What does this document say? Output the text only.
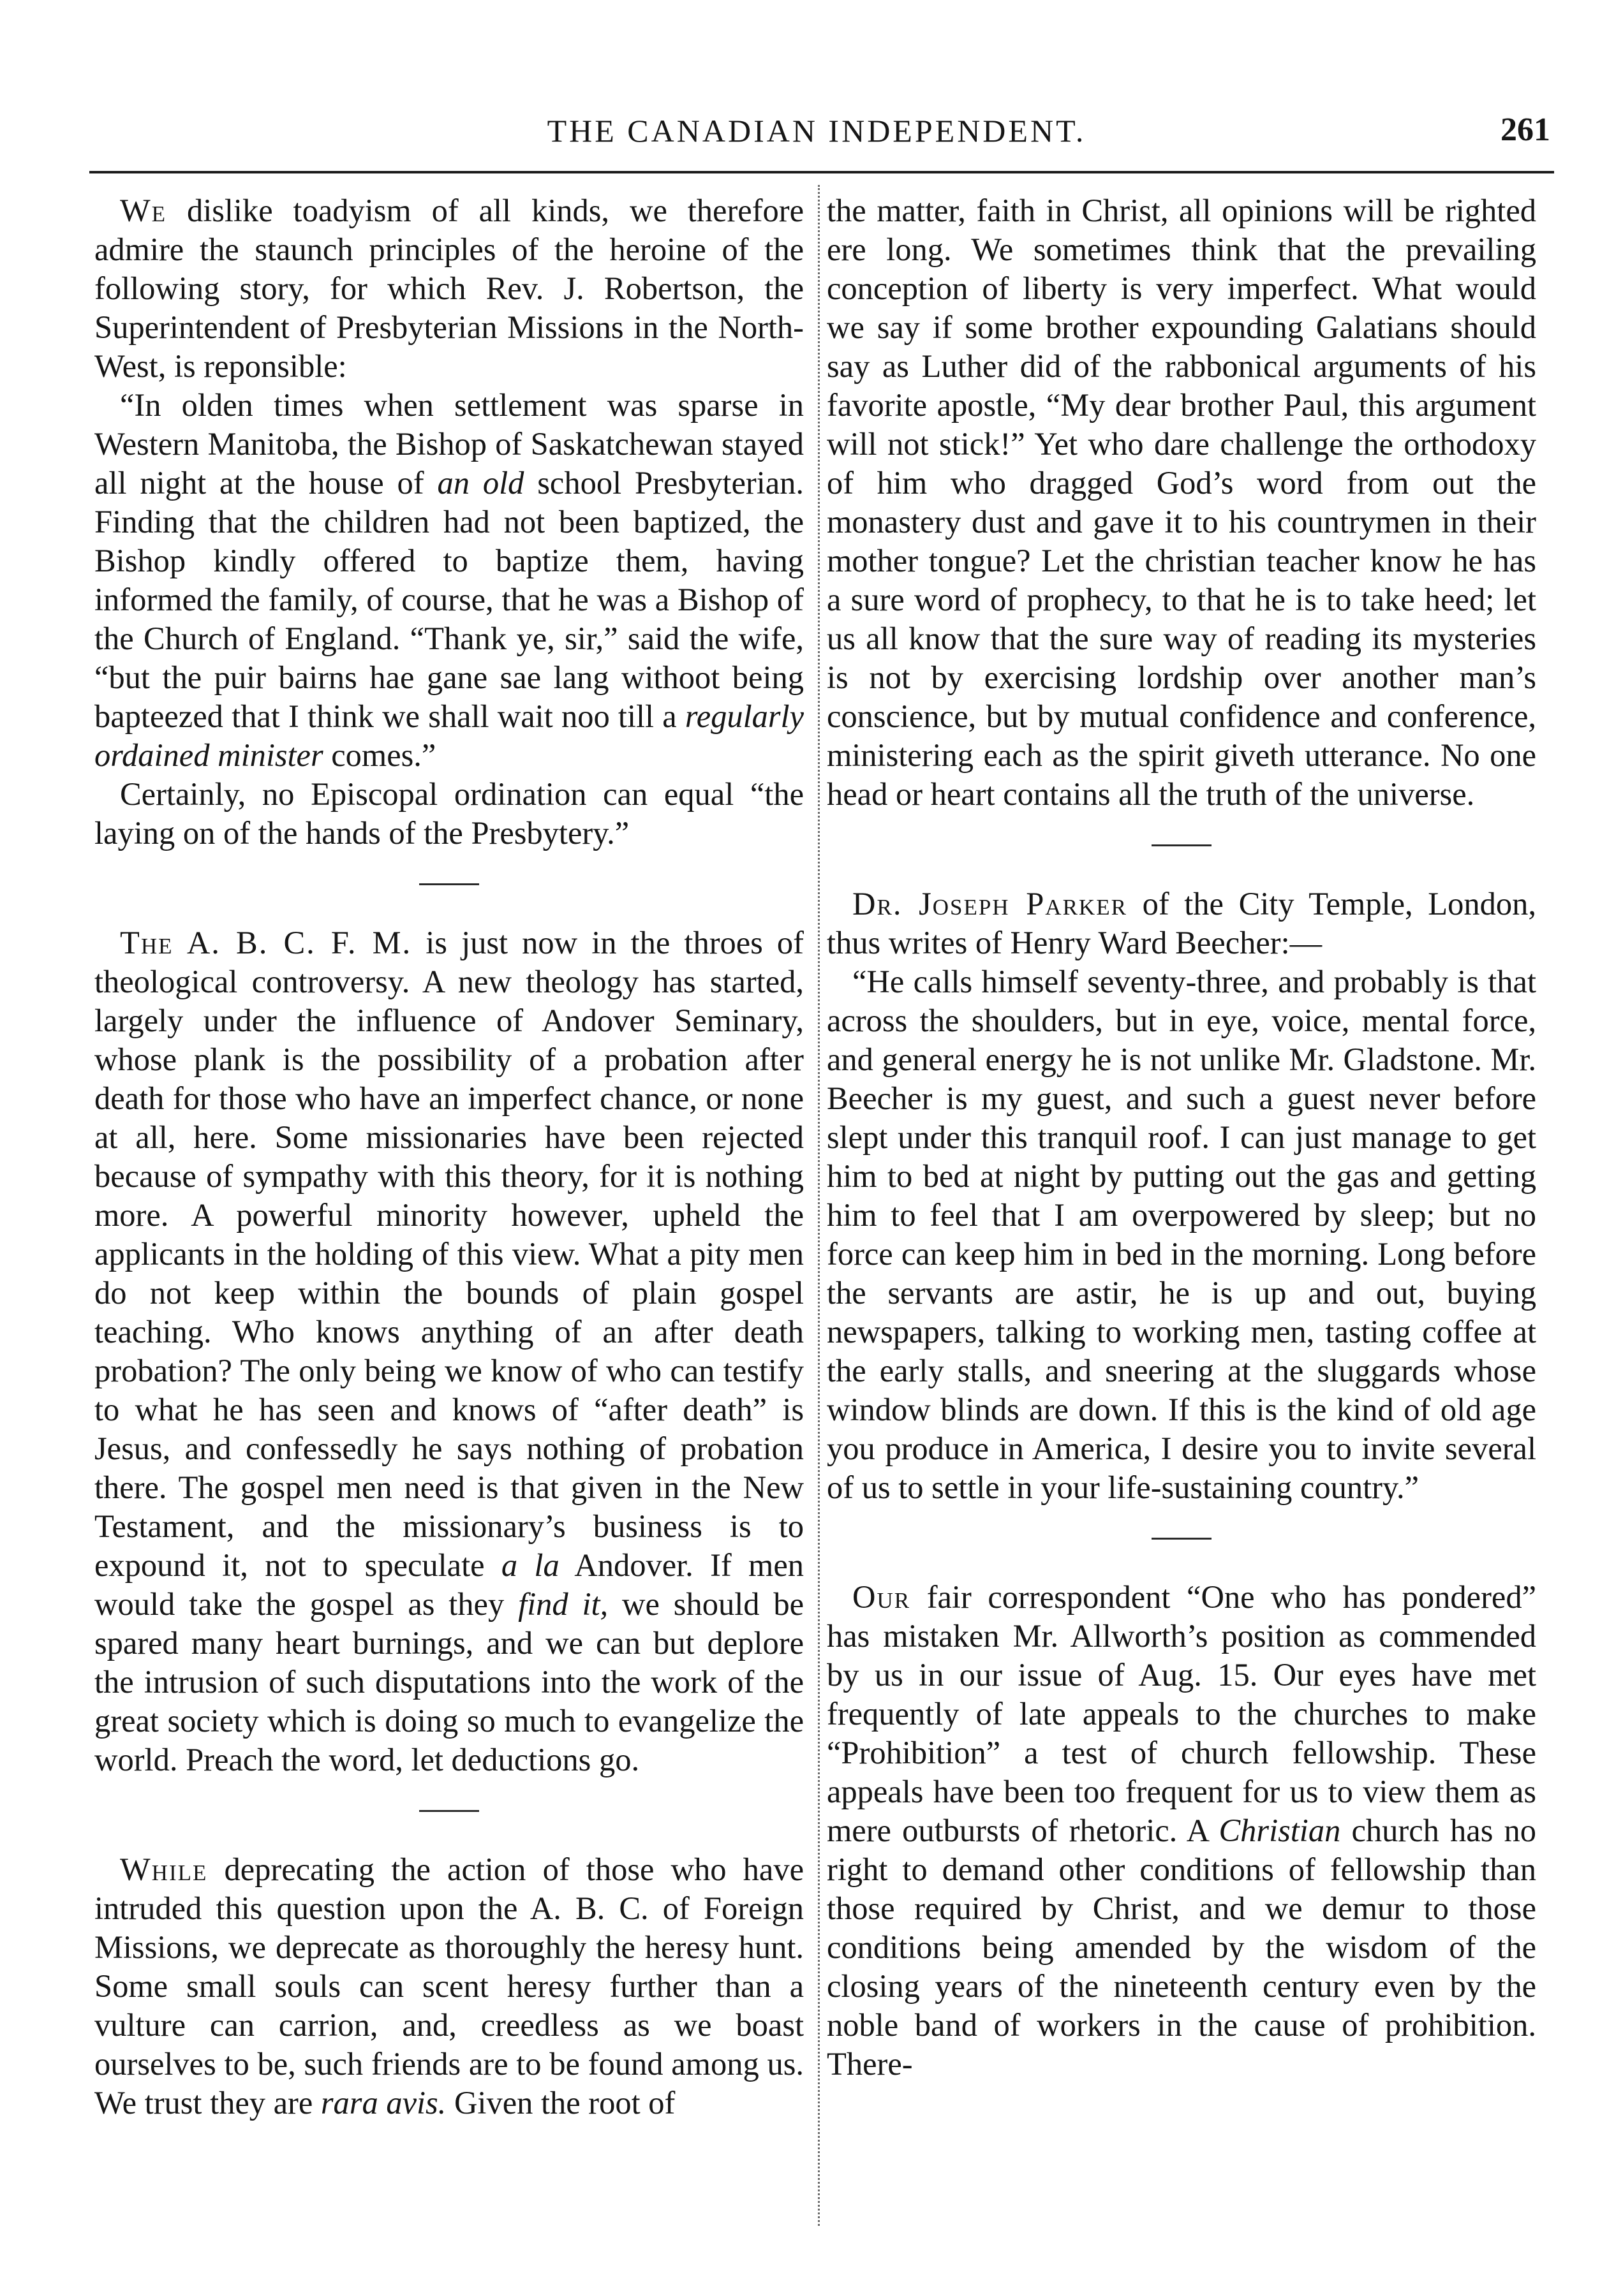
THE CANADIAN INDEPENDENT.	261

We dislike toadyism of all kinds, we therefore admire the staunch principles of the heroine of the following story, for which Rev. J. Robertson, the Superintendent of Presbyterian Missions in the North-West, is reponsible:

“In olden times when settlement was sparse in Western Manitoba, the Bishop of Saskatchewan stayed all night at the house of an old school Presbyterian. Finding that the children had not been baptized, the Bishop kindly offered to baptize them, having informed the family, of course, that he was a Bishop of the Church of England. “Thank ye, sir,” said the wife, “but the puir bairns hae gane sae lang withoot being bapteezed that I think we shall wait noo till a regularly ordained minister comes.”

Certainly, no Episcopal ordination can equal “the laying on of the hands of the Presbytery.”

The A. B. C. F. M. is just now in the throes of theological controversy. A new theology has started, largely under the influence of Andover Seminary, whose plank is the possibility of a probation after death for those who have an imperfect chance, or none at all, here. Some missionaries have been rejected because of sympathy with this theory, for it is nothing more. A powerful minority however, upheld the applicants in the holding of this view. What a pity men do not keep within the bounds of plain gospel teaching. Who knows anything of an after death probation? The only being we know of who can testify to what he has seen and knows of “after death” is Jesus, and confessedly he says nothing of probation there. The gospel men need is that given in the New Testament, and the missionary’s business is to expound it, not to speculate a la Andover. If men would take the gospel as they find it, we should be spared many heart burnings, and we can but deplore the intrusion of such disputations into the work of the great society which is doing so much to evangelize the world. Preach the word, let deductions go.

While deprecating the action of those who have intruded this question upon the A. B. C. of Foreign Missions, we deprecate as thoroughly the heresy hunt. Some small souls can scent heresy further than a vulture can carrion, and, creedless as we boast ourselves to be, such friends are to be found among us. We trust they are rara avis. Given the root of

the matter, faith in Christ, all opinions will be righted ere long. We sometimes think that the prevailing conception of liberty is very imperfect. What would we say if some brother expounding Galatians should say as Luther did of the rabbonical arguments of his favorite apostle, “My dear brother Paul, this argument will not stick!” Yet who dare challenge the orthodoxy of him who dragged God’s word from out the monastery dust and gave it to his countrymen in their mother tongue? Let the christian teacher know he has a sure word of prophecy, to that he is to take heed; let us all know that the sure way of reading its mysteries is not by exercising lordship over another man’s conscience, but by mutual confidence and conference, ministering each as the spirit giveth utterance. No one head or heart contains all the truth of the universe.

Dr. Joseph Parker of the City Temple, London, thus writes of Henry Ward Beecher:—

“He calls himself seventy-three, and probably is that across the shoulders, but in eye, voice, mental force, and general energy he is not unlike Mr. Gladstone. Mr. Beecher is my guest, and such a guest never before slept under this tranquil roof. I can just manage to get him to bed at night by putting out the gas and getting him to feel that I am overpowered by sleep; but no force can keep him in bed in the morning. Long before the servants are astir, he is up and out, buying newspapers, talking to working men, tasting coffee at the early stalls, and sneering at the sluggards whose window blinds are down. If this is the kind of old age you produce in America, I desire you to invite several of us to settle in your life-sustaining country.”

Our fair correspondent “One who has pondered” has mistaken Mr. Allworth’s position as commended by us in our issue of Aug. 15. Our eyes have met frequently of late appeals to the churches to make “Prohibition” a test of church fellowship. These appeals have been too frequent for us to view them as mere outbursts of rhetoric. A Christian church has no right to demand other conditions of fellowship than those required by Christ, and we demur to those conditions being amended by the wisdom of the closing years of the nineteenth century even by the noble band of workers in the cause of prohibition. There-
